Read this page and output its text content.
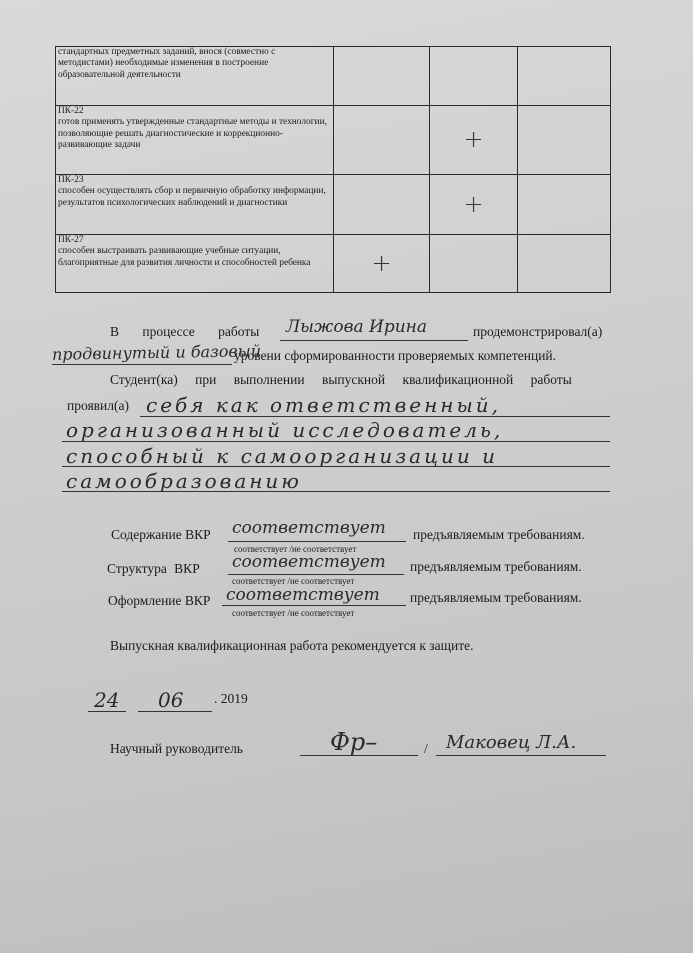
стандартных предметных заданий, внося (совместно с методистами) необходимые изменения в построение образовательной деятельности			
ПК-22
готов применять утвержденные стандартные методы и технологии, позволяющие решать диагностические и коррекционно-развивающие задачи		+	
ПК-23
способен осуществлять сбор и первичную обработку информации, результатов психологических наблюдений и диагностики		+	
ПК-27
способен выстраивать развивающие учебные ситуации, благоприятные для развития личности и способностей ребенка	+		
В процессе работы Лыжова Ирина	продемонстрировал(а)
продвинутый и базовый
уровени сформированности проверяемых компетенций.
Студент(ка) при выполнении выпускной квалификационной работы
проявил(а) себя как ответственный,
организованный исследователь,
способный к самоорганизации и
самообразованию
Содержание ВКР соответствует
соответствует /не соответствует
предъявляемым требованиям.
Структура ВКР соответствует
соответствует /не соответствует
предъявляемым требованиям.
Оформление ВКР соответствует
соответствует /не соответствует
предъявляемым требованиям.
Выпускная квалификационная работа рекомендуется к защите.
24 06 . 2019
Научный руководитель	Фр–	/ Маковец Л.А.
